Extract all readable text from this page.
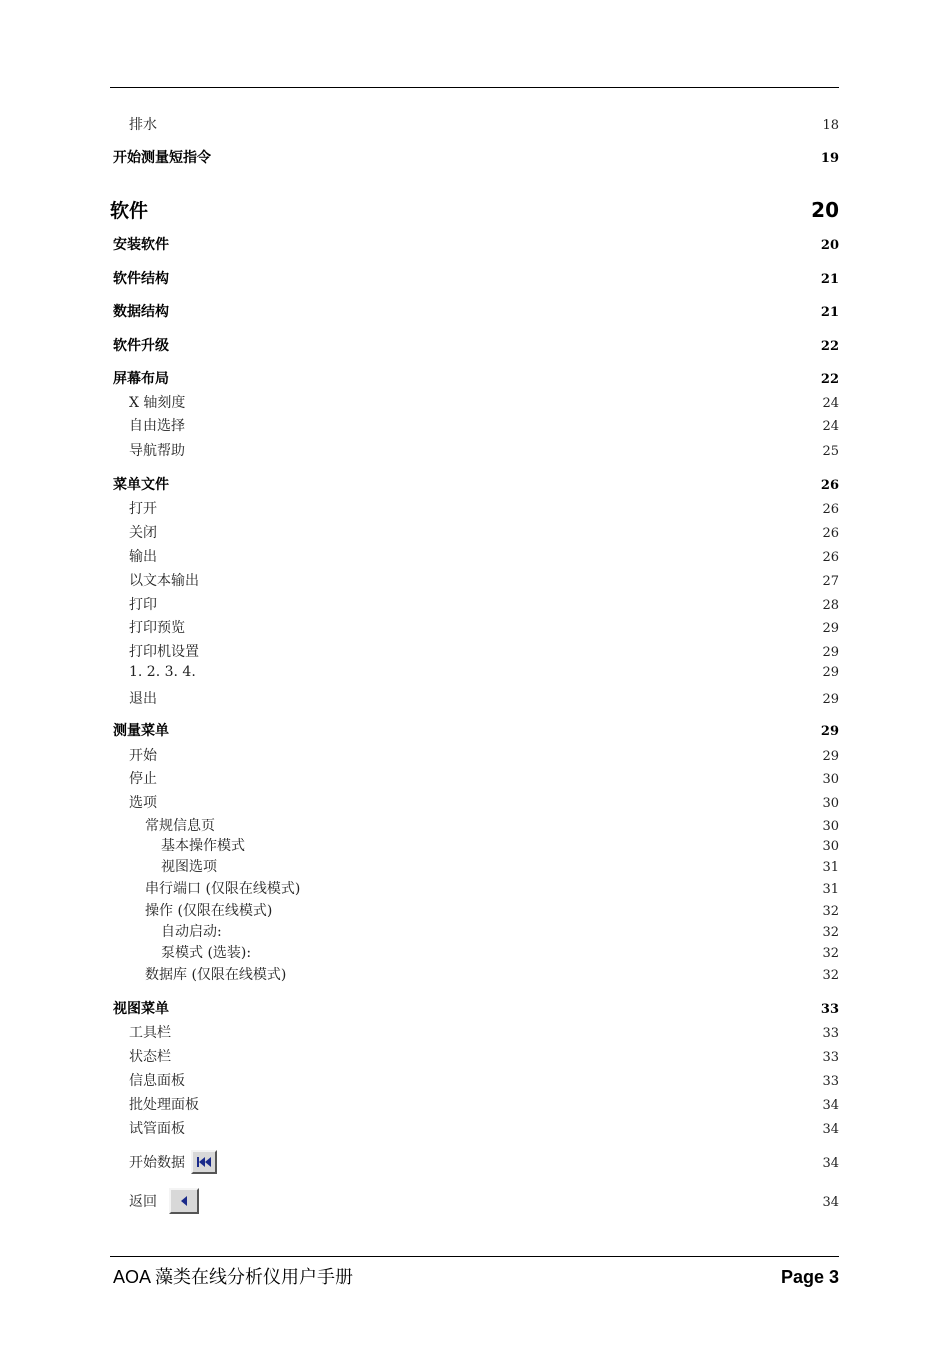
排水	18
开始测量短指令	19
软件	20
安装软件	20
软件结构	21
数据结构	21
软件升级	22
屏幕布局	22
X 轴刻度	24
自由选择	24
导航帮助	25
菜单文件	26
打开	26
关闭	26
输出	26
以文本输出	27
打印	28
打印预览	29
打印机设置	29
1. 2. 3. 4.	29
退出	29
测量菜单	29
开始	29
停止	30
选项	30
常规信息页	30
基本操作模式	30
视图选项	31
串行端口 (仅限在线模式)	31
操作 (仅限在线模式)	32
自动启动:	32
泵模式 (选装):	32
数据库 (仅限在线模式)	32
视图菜单	33
工具栏	33
状态栏	33
信息面板	33
批处理面板	34
试管面板	34
开始数据	34
返回	34
AOA 藻类在线分析仪用户手册	Page 3
